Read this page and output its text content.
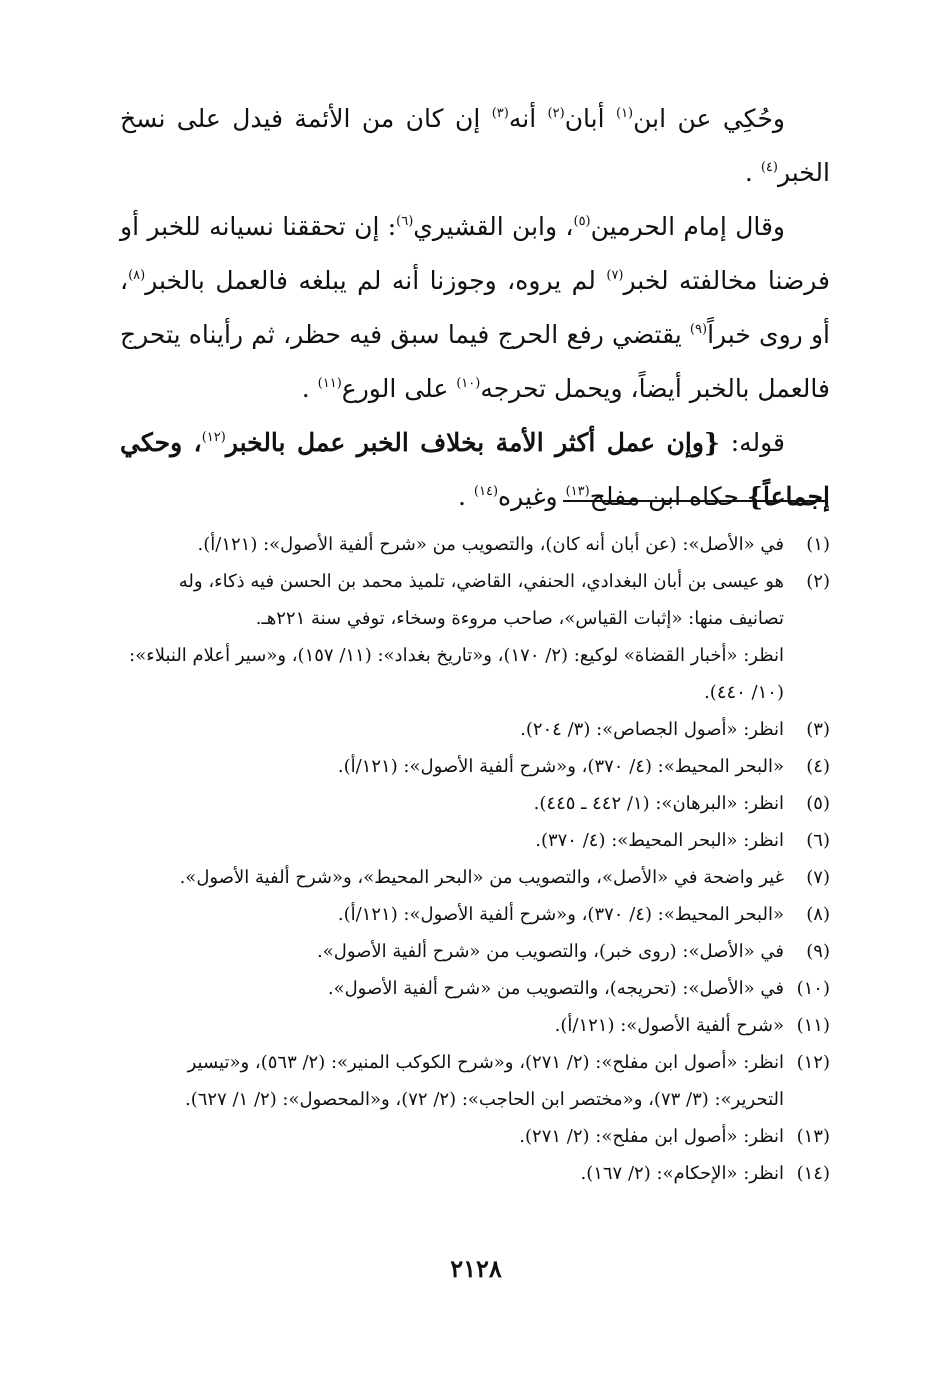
وحُكِي عن ابن$^{(١)}$ أبان$^{(٢)}$ أنه$^{(٣)}$ إن كان من الأئمة فيدل على نسخ الخبر$^{(٤)}$ .

وقال إمام الحرمين$^{(٥)}$، وابن القشيري$^{(٦)}$: إن تحققنا نسيانه للخبر أو فرضنا مخالفته لخبر$^{(٧)}$ لم يروه، وجوزنا أنه لم يبلغه فالعمل بالخبر$^{(٨)}$، أو روى خبراً$^{(٩)}$ يقتضي رفع الحرج فيما سبق فيه حظر، ثم رأيناه يتحرج فالعمل بالخبر أيضاً، ويحمل تحرجه$^{(١٠)}$ على الورع$^{(١١)}$ .

قوله: {وإن عمل أكثر الأمة بخلاف الخبر عمل بالخبر$^{(١٢)}$، وحكي إجماعاً} حكاه ابن مفلح$^{(١٣)}$ وغيره$^{(١٤)}$ .

(١)
في «الأصل»: (عن أبان أنه كان)، والتصويب من «شرح ألفية الأصول»: (١٢١/أ).
(٢)
هو عيسى بن أبان البغدادي، الحنفي، القاضي، تلميذ محمد بن الحسن فيه ذكاء، وله تصانيف منها: «إثبات القياس»، صاحب مروءة وسخاء، توفي سنة ٢٢١هـ.
انظر: «أخبار القضاة» لوكيع: (٢/ ١٧٠)، و«تاريخ بغداد»: (١١/ ١٥٧)، و«سير أعلام النبلاء»: (١٠/ ٤٤٠).
(٣)
انظر: «أصول الجصاص»: (٣/ ٢٠٤).
(٤)
«البحر المحيط»: (٤/ ٣٧٠)، و«شرح ألفية الأصول»: (١٢١/أ).
(٥)
انظر: «البرهان»: (١/ ٤٤٢ ـ ٤٤٥).
(٦)
انظر: «البحر المحيط»: (٤/ ٣٧٠).
(٧)
غير واضحة في «الأصل»، والتصويب من «البحر المحيط»، و«شرح ألفية الأصول».
(٨)
«البحر المحيط»: (٤/ ٣٧٠)، و«شرح ألفية الأصول»: (١٢١/أ).
(٩)
في «الأصل»: (روى خبر)، والتصويب من «شرح ألفية الأصول».
(١٠)
في «الأصل»: (تحريجه)، والتصويب من «شرح ألفية الأصول».
(١١)
«شرح ألفية الأصول»: (١٢١/أ).
(١٢)
انظر: «أصول ابن مفلح»: (٢/ ٢٧١)، و«شرح الكوكب المنير»: (٢/ ٥٦٣)، و«تيسير التحرير»: (٣/ ٧٣)، و«مختصر ابن الحاجب»: (٢/ ٧٢)، و«المحصول»: (٢/ ١/ ٦٢٧).
(١٣)
انظر: «أصول ابن مفلح»: (٢/ ٢٧١).
(١٤)
انظر: «الإحكام»: (٢/ ١٦٧).
٢١٢٨
